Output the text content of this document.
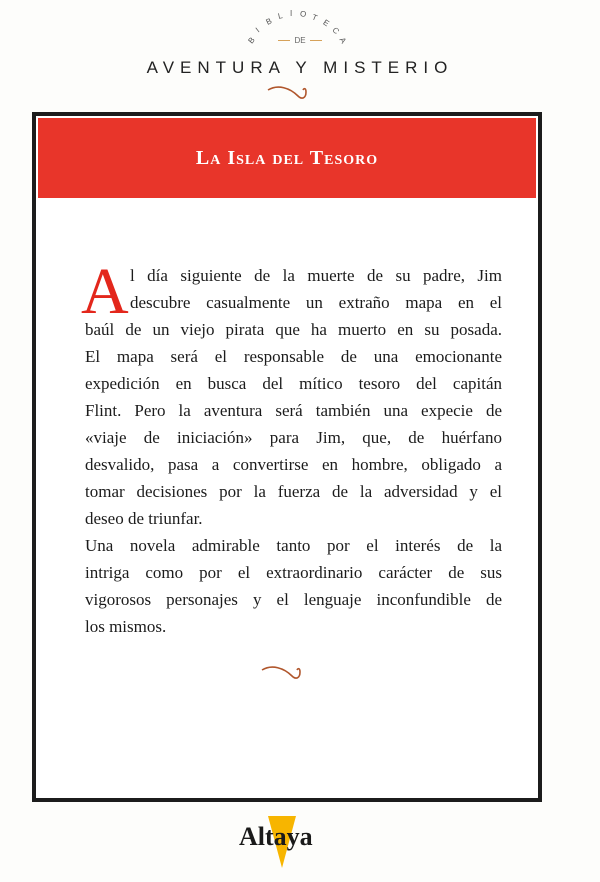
B
I
B L I O
T
E
C
A
DE
AVENTURA Y MISTERIO
La Isla del Tesoro
A l día siguiente de la muerte de su padre, Jim
descubre casualmente un extraño mapa en el
baúl de un viejo pirata que ha muerto en su posada.
El mapa será el responsable de una emocionante
expedición en busca del mítico tesoro del capitán
Flint. Pero la aventura será también una expecie de
«viaje de iniciación» para Jim, que, de huérfano
desvalido, pasa a convertirse en hombre, obligado a
tomar decisiones por la fuerza de la adversidad y el
deseo de triunfar.
Una novela admirable tanto por el interés de la
intriga como por el extraordinario carácter de sus
vigorosos personajes y el lenguaje inconfundible de
los mismos.
Altaya
